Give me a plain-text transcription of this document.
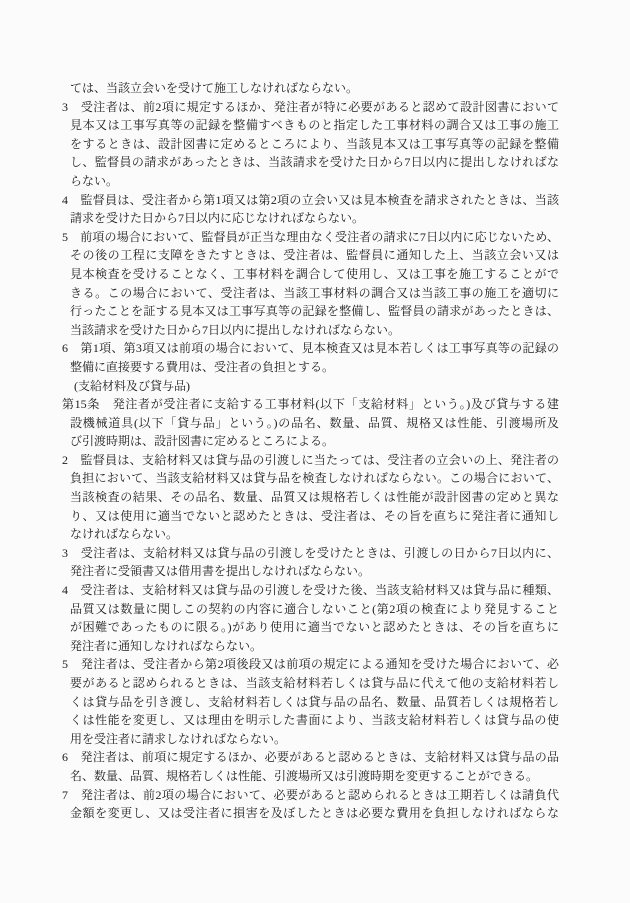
ては、当該立会いを受けて施工しなければならない。
3　受注者は、前2項に規定するほか、発注者が特に必要があると認めて設計図書において
見本又は工事写真等の記録を整備すべきものと指定した工事材料の調合又は工事の施工
をするときは、設計図書に定めるところにより、当該見本又は工事写真等の記録を整備
し、監督員の請求があったときは、当該請求を受けた日から7日以内に提出しなければな
らない。
4　監督員は、受注者から第1項又は第2項の立会い又は見本検査を請求されたときは、当該
請求を受けた日から7日以内に応じなければならない。
5　前項の場合において、監督員が正当な理由なく受注者の請求に7日以内に応じないため、
その後の工程に支障をきたすときは、受注者は、監督員に通知した上、当該立会い又は
見本検査を受けることなく、工事材料を調合して使用し、又は工事を施工することがで
きる。この場合において、受注者は、当該工事材料の調合又は当該工事の施工を適切に
行ったことを証する見本又は工事写真等の記録を整備し、監督員の請求があったときは、
当該請求を受けた日から7日以内に提出しなければならない。
6　第1項、第3項又は前項の場合において、見本検査又は見本若しくは工事写真等の記録の
整備に直接要する費用は、受注者の負担とする。
(支給材料及び貸与品)
第15条　発注者が受注者に支給する工事材料(以下「支給材料」という。)及び貸与する建
設機械道具(以下「貸与品」という。)の品名、数量、品質、規格又は性能、引渡場所及
び引渡時期は、設計図書に定めるところによる。
2　監督員は、支給材料又は貸与品の引渡しに当たっては、受注者の立会いの上、発注者の
負担において、当該支給材料又は貸与品を検査しなければならない。この場合において、
当該検査の結果、その品名、数量、品質又は規格若しくは性能が設計図書の定めと異な
り、又は使用に適当でないと認めたときは、受注者は、その旨を直ちに発注者に通知し
なければならない。
3　受注者は、支給材料又は貸与品の引渡しを受けたときは、引渡しの日から7日以内に、
発注者に受領書又は借用書を提出しなければならない。
4　受注者は、支給材料又は貸与品の引渡しを受けた後、当該支給材料又は貸与品に種類、
品質又は数量に関しこの契約の内容に適合しないこと(第2項の検査により発見すること
が困難であったものに限る。)があり使用に適当でないと認めたときは、その旨を直ちに
発注者に通知しなければならない。
5　発注者は、受注者から第2項後段又は前項の規定による通知を受けた場合において、必
要があると認められるときは、当該支給材料若しくは貸与品に代えて他の支給材料若し
くは貸与品を引き渡し、支給材料若しくは貸与品の品名、数量、品質若しくは規格若し
くは性能を変更し、又は理由を明示した書面により、当該支給材料若しくは貸与品の使
用を受注者に請求しなければならない。
6　発注者は、前項に規定するほか、必要があると認めるときは、支給材料又は貸与品の品
名、数量、品質、規格若しくは性能、引渡場所又は引渡時期を変更することができる。
7　発注者は、前2項の場合において、必要があると認められるときは工期若しくは請負代
金額を変更し、又は受注者に損害を及ぼしたときは必要な費用を負担しなければならな
